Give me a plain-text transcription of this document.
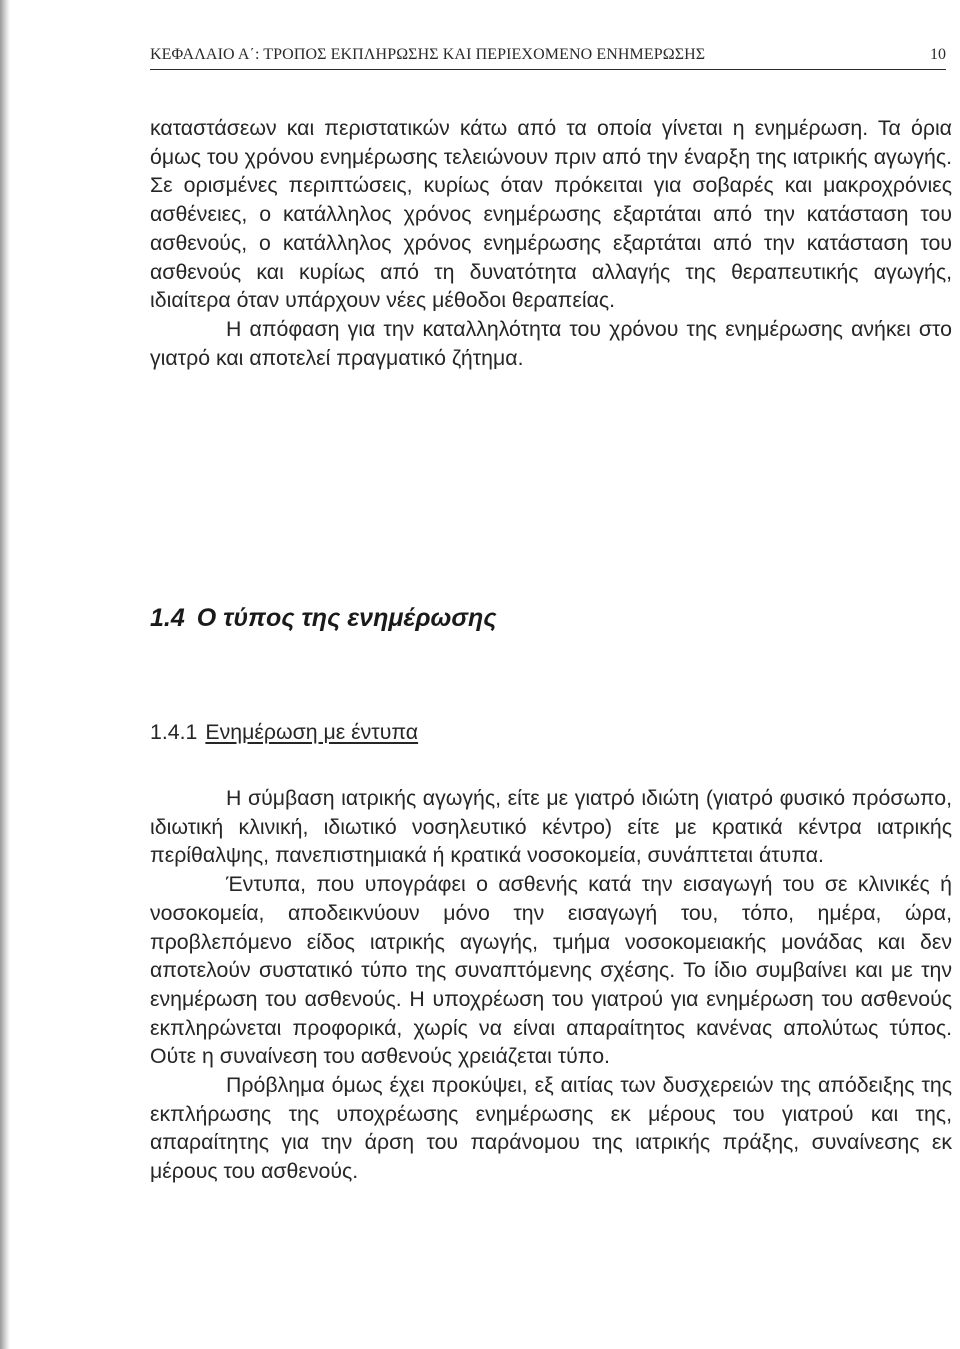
ΚΕΦΑΛΑΙΟ Α΄: ΤΡΟΠΟΣ ΕΚΠΛΗΡΩΣΗΣ ΚΑΙ ΠΕΡΙΕΧΟΜΕΝΟ ΕΝΗΜΕΡΩΣΗΣ	10

καταστάσεων και περιστατικών κάτω από τα οποία γίνεται η ενημέρωση. Τα όρια όμως του χρόνου ενημέρωσης τελειώνουν πριν από την έναρξη της ιατρικής αγωγής. Σε ορισμένες περιπτώσεις, κυρίως όταν πρόκειται για σοβαρές και μακροχρόνιες ασθένειες, ο κατάλληλος χρόνος ενημέρωσης εξαρτάται από την κατάσταση του ασθενούς, ο κατάλληλος χρόνος ενημέρωσης εξαρτάται από την κατάσταση του ασθενούς και κυρίως από τη δυνατότητα αλλαγής της θεραπευτικής αγωγής, ιδιαίτερα όταν υπάρχουν νέες μέθοδοι θεραπείας.

Η απόφαση για την καταλληλότητα του χρόνου της ενημέρωσης ανήκει στο γιατρό και αποτελεί πραγματικό ζήτημα.

1.4 Ο τύπος της ενημέρωσης
1.4.1 Ενημέρωση με έντυπα

Η σύμβαση ιατρικής αγωγής, είτε με γιατρό ιδιώτη (γιατρό φυσικό πρόσωπο, ιδιωτική κλινική, ιδιωτικό νοσηλευτικό κέντρο) είτε με κρατικά κέντρα ιατρικής περίθαλψης, πανεπιστημιακά ή κρατικά νοσοκομεία, συνάπτεται άτυπα.

Έντυπα, που υπογράφει ο ασθενής κατά την εισαγωγή του σε κλινικές ή νοσοκομεία, αποδεικνύουν μόνο την εισαγωγή του, τόπο, ημέρα, ώρα, προβλεπόμενο είδος ιατρικής αγωγής, τμήμα νοσοκομειακής μονάδας και δεν αποτελούν συστατικό τύπο της συναπτόμενης σχέσης. Το ίδιο συμβαίνει και με την ενημέρωση του ασθενούς. Η υποχρέωση του γιατρού για ενημέρωση του ασθενούς εκπληρώνεται προφορικά, χωρίς να είναι απαραίτητος κανένας απολύτως τύπος. Ούτε η συναίνεση του ασθενούς χρειάζεται τύπο.

Πρόβλημα όμως έχει προκύψει, εξ αιτίας των δυσχερειών της απόδειξης της εκπλήρωσης της υποχρέωσης ενημέρωσης εκ μέρους του γιατρού και της, απαραίτητης για την άρση του παράνομου της ιατρικής πράξης, συναίνεσης εκ μέρους του ασθενούς.
